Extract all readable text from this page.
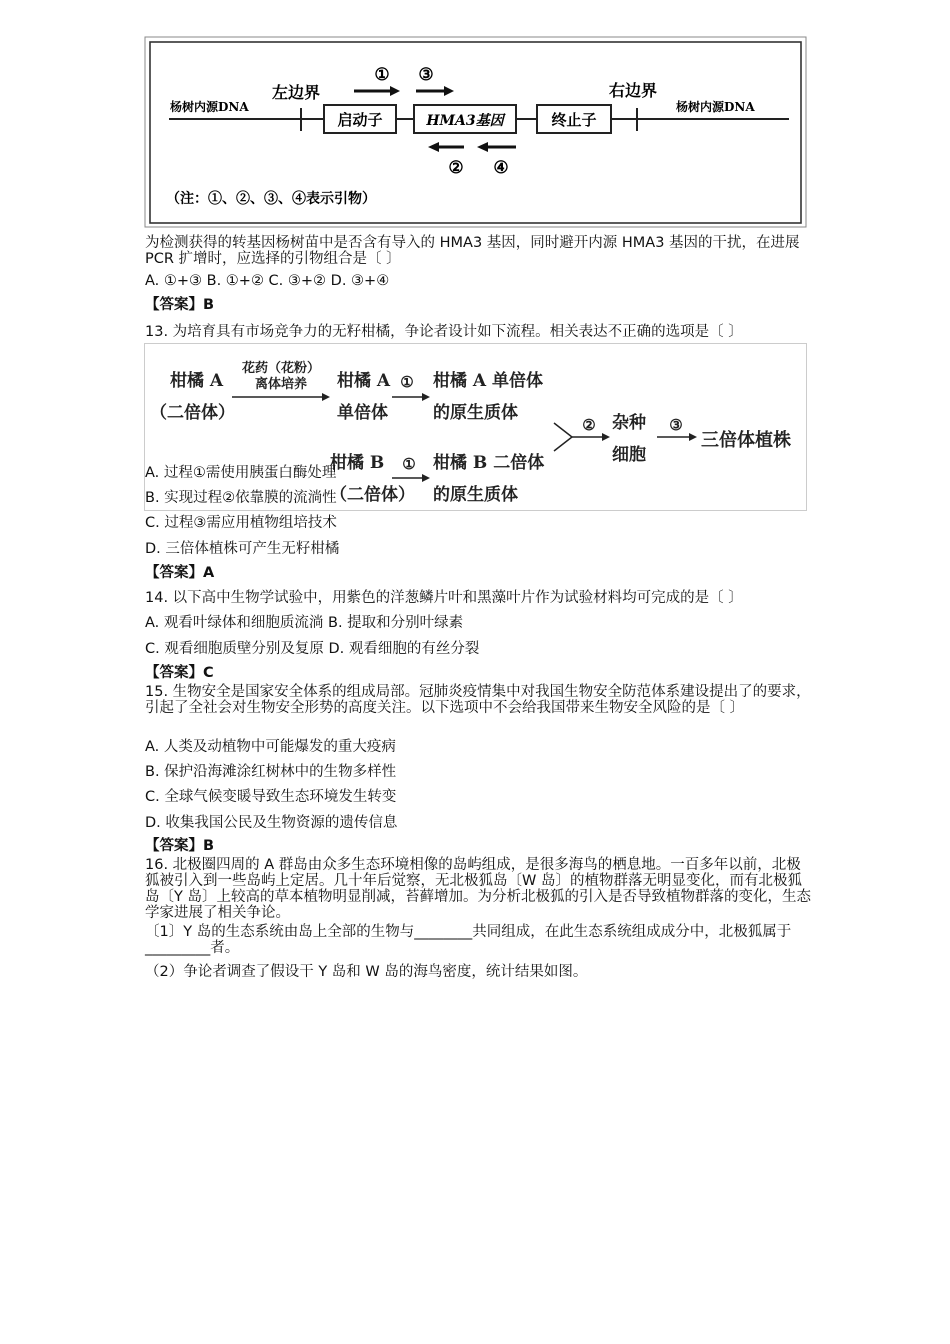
杨树内源DNA	杨树内源DNA
左边界	右边界
启动子	HMA3基因	终止子
① ③
② ④
（注：①、②、③、④表示引物）
为检测获得的转基因杨树苗中是否含有导入的 HMA3 基因，同时避开内源 HMA3 基因的干扰，在进展 PCR 扩增时，应选择的引物组合是〔 〕
A. ①+③ B. ①+② C. ③+② D. ③+④
【答案】B
13. 为培育具有市场竞争力的无籽柑橘，争论者设计如下流程。相关表达不正确的选项是〔 〕
柑橘 A
（二倍体）
花药（花粉）
离体培养 柑橘 A
单倍体
① 柑橘 A 单倍体
的原生质体
② 杂种
细胞
③
三倍体植株
柑橘 B
（二倍体）
① 柑橘 B 二倍体
的原生质体
A. 过程①需使用胰蛋白酶处理
B. 实现过程②依靠膜的流淌性
C. 过程③需应用植物组培技术
D. 三倍体植株可产生无籽柑橘
【答案】A
14. 以下高中生物学试验中，用紫色的洋葱鳞片叶和黑藻叶片作为试验材料均可完成的是〔 〕
A. 观看叶绿体和细胞质流淌 B. 提取和分别叶绿素
C. 观看细胞质壁分别及复原 D. 观看细胞的有丝分裂
【答案】C
15. 生物安全是国家安全体系的组成局部。冠肺炎疫情集中对我国生物安全防范体系建设提出了的要求，引起了全社会对生物安全形势的高度关注。以下选项中不会给我国带来生物安全风险的是〔 〕
A. 人类及动植物中可能爆发的重大疫病
B. 保护沿海滩涂红树林中的生物多样性
C. 全球气候变暖导致生态环境发生转变
D. 收集我国公民及生物资源的遗传信息
【答案】B
16. 北极圈四周的 A 群岛由众多生态环境相像的岛屿组成，是很多海鸟的栖息地。一百多年以前，北极狐被引入到一些岛屿上定居。几十年后觉察，无北极狐岛〔W 岛〕的植物群落无明显变化，而有北极狐岛〔Y 岛〕上较高的草本植物明显削减，苔藓增加。为分析北极狐的引入是否导致植物群落的变化，生态学家进展了相关争论。
〔1〕Y 岛的生态系统由岛上全部的生物与________共同组成，在此生态系统组成成分中，北极狐属于_________者。
（2）争论者调查了假设干 Y 岛和 W 岛的海鸟密度，统计结果如图。
